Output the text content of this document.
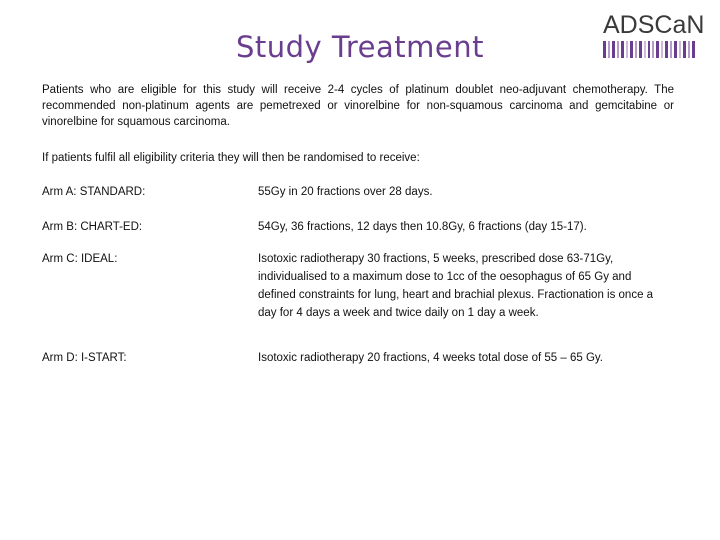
Study Treatment
ADSCaN

Patients who are eligible for this study will receive 2-4 cycles of platinum doublet neo-adjuvant chemotherapy. The recommended non-platinum agents are pemetrexed or vinorelbine for non-squamous carcinoma and gemcitabine or vinorelbine for squamous carcinoma.

If patients fulfil all eligibility criteria they will then be randomised to receive:

Arm A: STANDARD:	55Gy in 20 fractions over 28 days.
Arm B: CHART-ED:	54Gy, 36 fractions, 12 days then 10.8Gy, 6 fractions (day 15-17).
Arm C: IDEAL:	Isotoxic radiotherapy 30 fractions, 5 weeks, prescribed dose 63-71Gy, individualised to a maximum dose to 1cc of the oesophagus of 65 Gy and defined constraints for lung, heart and brachial plexus. Fractionation is once a day for 4 days a week and twice daily on 1 day a week.
Arm D: I-START:	Isotoxic radiotherapy 20 fractions, 4 weeks total dose of 55 – 65 Gy.
